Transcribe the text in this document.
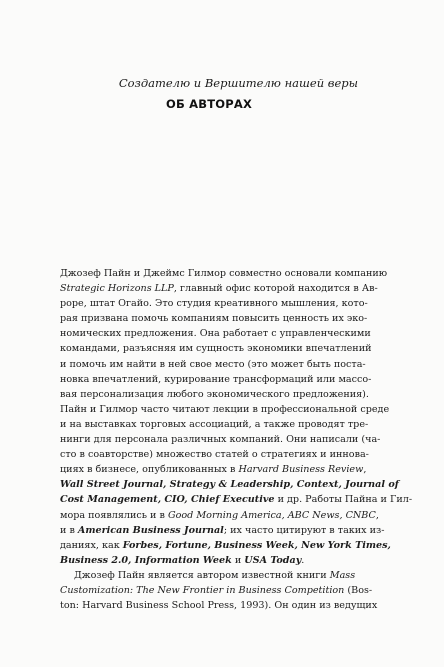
Создателю и Вершителю нашей веры
ОБ АВТОРАХ
Джозеф Пайн и Джеймс Гилмор совместно основали компанию
Strategic Horizons LLP, главный офис которой находится в Ав-
роре, штат Огайо. Это студия креативного мышления, кото-
рая призвана помочь компаниям повысить ценность их эко-
номических предложения. Она работает с управленческими
командами, разъясняя им сущность экономики впечатлений
и помочь им найти в ней свое место (это может быть поста-
новка впечатлений, курирование трансформаций или массо-
вая персонализация любого экономического предложения).
Пайн и Гилмор часто читают лекции в профессиональной среде
и на выставках торговых ассоциаций, а также проводят тре-
нинги для персонала различных компаний. Они написали (ча-
сто в соавторстве) множество статей о стратегиях и иннова-
циях в бизнесе, опубликованных в Harvard Business Review,
Wall Street Journal, Strategy & Leadership, Context, Journal of
Cost Management, CIO, Chief Executive и др. Работы Пайна и Гил-
мора появлялись и в Good Morning America, ABC News, CNBC,
и в American Business Journal; их часто цитируют в таких из-
даниях, как Forbes, Fortune, Business Week, New York Times,
Business 2.0, Information Week и USA Today.
Джозеф Пайн является автором известной книги Mass
Customization: The New Frontier in Business Competition (Bos-
ton: Harvard Business School Press, 1993). Он один из ведущих
